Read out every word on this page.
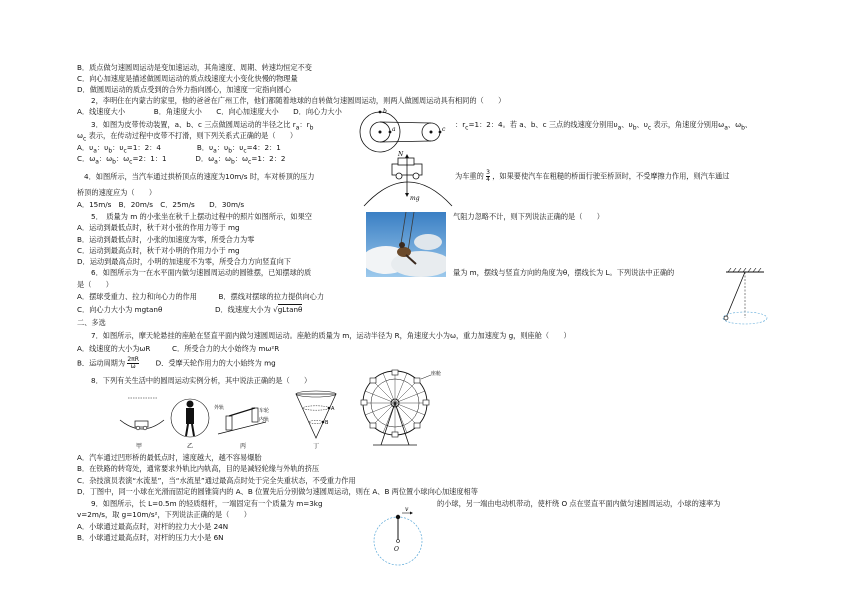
B．质点做匀速圆周运动是变加速运动，其角速度、周期、转速均恒定不变
C．向心加速度是描述做圆周运动的质点线速度大小变化快慢的物理量
D．做圆周运动的质点受到的合外力指向圆心，加速度一定指向圆心
2，李明住在内蒙古的家里，他的爸爸在广州工作，他们都随着地球的自转做匀速圆周运动，则两人做圆周运动具有相同的（　　）
A．线速度大小　　　　B．角速度大小　　C．向心加速度大小　　D．向心力大小
3．如图为皮带传动装置，a、b、c 三点做圆周运动的半径之比 $r_a$：$r_b$	：$r_c=1$：2：4。若 a、b、c 三点的线速度分别用$\upsilon_a$、$\upsilon_b$、$\upsilon_c$ 表示，角速度分别用$\omega_a$、$\omega_b$、
$\omega_c$ 表示，在传动过程中皮带不打滑，则下列关系式正确的是（　　）
A．$\upsilon_a$：$\upsilon_b$：$\upsilon_c=1$：2：4　　　　　B．$\upsilon_a$：$\upsilon_b$：$\upsilon_c=4$：2：1
C．$\omega_a$：$\omega_b$：$\omega_c=2$：1：1　　　　D．$\omega_a$：$\omega_b$：$\omega_c=1$：2：2
4．如图所示，当汽车通过拱桥顶点的速度为10m/s 时，车对桥顶的压力	为车重的 $\frac{3}{4}$ ，如果要使汽车在粗糙的桥面行驶至桥顶时，不受摩擦力作用，则汽车通过
桥顶的速度应为（　　）
A．15m/s　B．20m/s　C．25m/s　　D．30m/s
5．　质量为 m 的小张坐在秋千上摆动过程中的照片如图所示，如果空	气阻力忽略不计，则下列说法正确的是（　　）
A．运动到最低点时，秋千对小张的作用力等于 mg
B．运动到最低点时，小张的加速度为零，所受合力为零
C．运动到最高点时，秋千对小明的作用力小于 mg
D．运动到最高点时，小明的加速度不为零，所受合力方向竖直向下
6．如图所示为一在水平面内做匀速圆周运动的圆锥摆，已知摆球的质	量为 m，摆线与竖直方向的角度为θ，摆线长为 L。下列说法中正确的
是（　　）
A．摆球受重力、拉力和向心力的作用　　　B．摆线对摆球的拉力提供向心力
C．向心力大小为 mgtanθ　　　　　　　 D．线速度大小为 √gLtanθ
二、多选
7．如图所示，摩天轮悬挂的座舱在竖直平面内做匀速圆周运动。座舱的质量为 m，运动半径为 R，角速度大小为ω，重力加速度为 g，则座舱（　　）
A．线速度的大小为ωR　　　C．所受合力的大小始终为 mω²R
B．运动周期为 $\frac{2\pi R}{\omega}$ 　　D．受摩天轮作用力的大小始终为 mg
8．下列有关生活中的圆周运动实例分析，其中说法正确的是（　　）
A．汽车通过凹形桥的最低点时，速度越大，越不容易爆胎
B．在铁路的转弯处，通常要求外轨比内轨高，目的是减轻轮缘与外轨的挤压
C．杂技演员表演“水流星”，当“水流星”通过最高点时处于完全失重状态，不受重力作用
D．丁图中，同一小球在光滑而固定的圆锥筒内的 A、B 位置先后分别做匀速圆周运动，则在 A、B 两位置小球向心加速度相等
9．如图所示，长 L=0.5m 的轻质细杆，一端固定有一个质量为 m=3kg	的小球，另一端由电动机带动，使杆绕 O 点在竖直平面内做匀速圆周运动，小球的速率为
v=2m/s，取 g=10m/s²，下列说法正确的是（　　）
A．小球通过最高点时，对杆的拉力大小是 24N
B．小球通过最高点时，对杆的压力大小是 6N
b
a	c
N
mg
甲	乙
外轨
内轨
车轮
丙
A
B
丁
座舱
v
O
